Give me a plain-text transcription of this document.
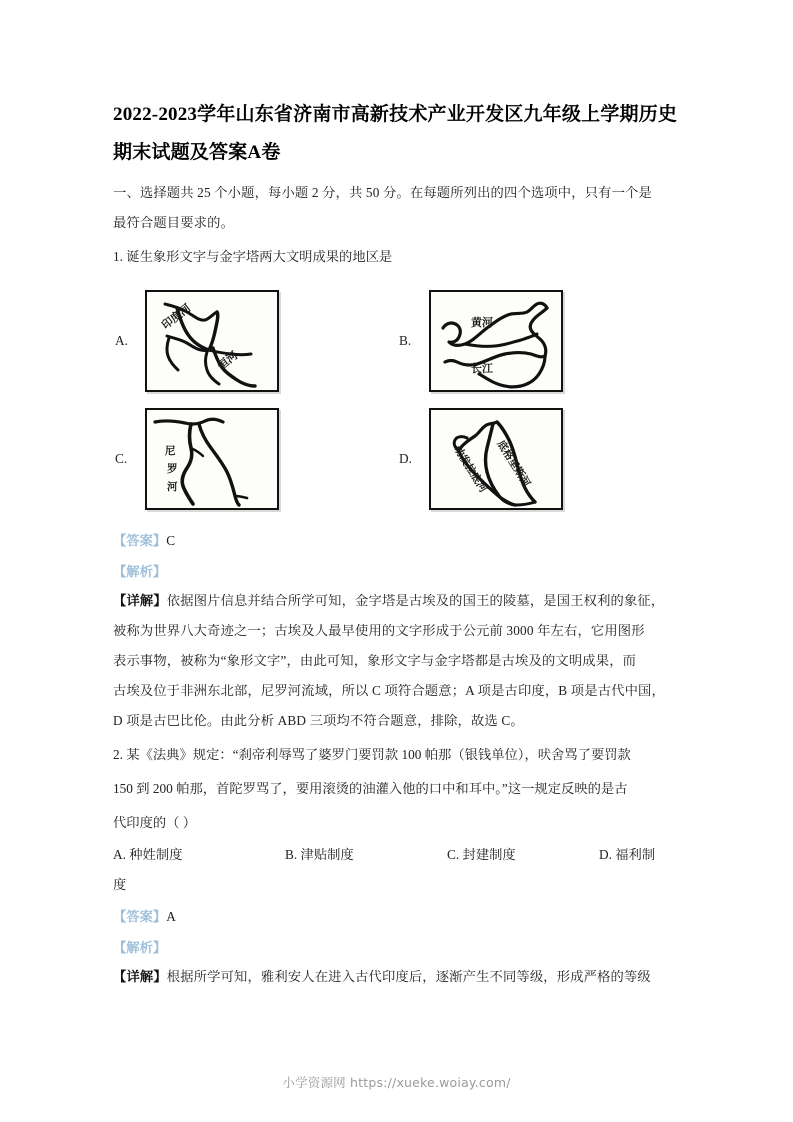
2022-2023学年山东省济南市高新技术产业开发区九年级上学期历史期末试题及答案A卷

一、选择题共 25 个小题，每小题 2 分，共 50 分。在每题所列出的四个选项中，只有一个是

最符合题目要求的。

1. 诞生象形文字与金字塔两大文明成果的地区是

A.
印度河
恒河
B.
黄河
长江
C.	尼
罗
河
D.	底格里斯河
幼发拉底河

【答案】C

【解析】

【详解】依据图片信息并结合所学可知，金字塔是古埃及的国王的陵墓，是国王权利的象征，

被称为世界八大奇迹之一；古埃及人最早使用的文字形成于公元前 3000 年左右，它用图形

表示事物，被称为“象形文字”，由此可知，象形文字与金字塔都是古埃及的文明成果，而

古埃及位于非洲东北部，尼罗河流域，所以 C 项符合题意；A 项是古印度，B 项是古代中国，

D 项是古巴比伦。由此分析 ABD 三项均不符合题意，排除，故选 C。

2. 某《法典》规定：“刹帝利辱骂了婆罗门要罚款 100 帕那（银钱单位），吠舍骂了要罚款

150 到 200 帕那，首陀罗骂了，要用滚烫的油灌入他的口中和耳中。”这一规定反映的是古

代印度的（ ）

A. 种姓制度	B. 津贴制度	C. 封建制度	D. 福利制
度

【答案】A

【解析】

【详解】根据所学可知，雅利安人在进入古代印度后，逐渐产生不同等级，形成严格的等级

小学资源网 https://xueke.woiay.com/
